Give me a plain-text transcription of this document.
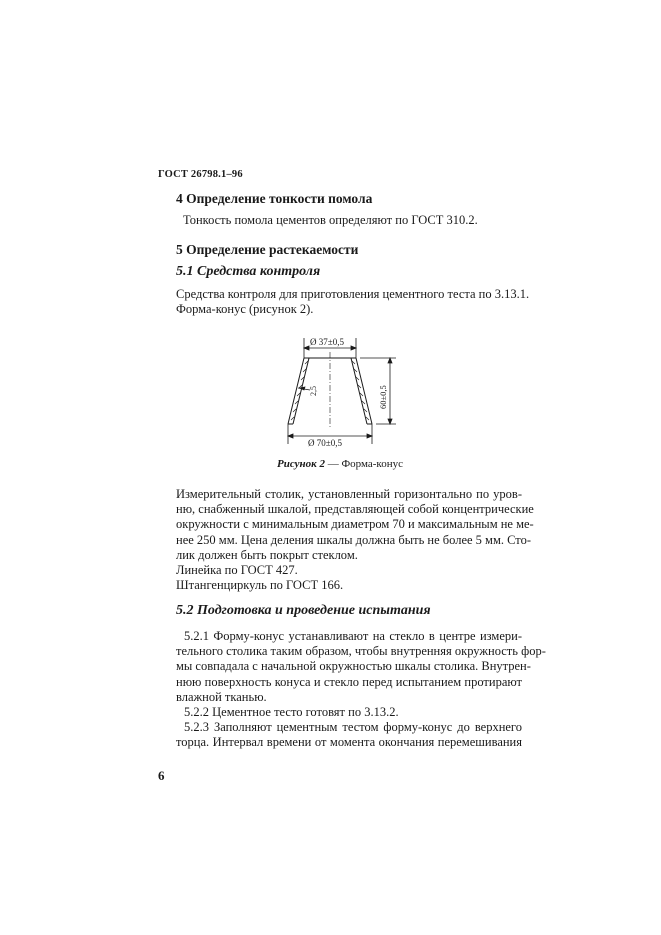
ГОСТ 26798.1–96

4 Определение тонкости помола

Тонкость помола цементов определяют по ГОСТ 310.2.

5 Определение растекаемости

5.1 Средства контроля

Средства контроля для приготовления цементного теста по 3.13.1.

Форма-конус (рисунок 2).

Ø 37±0,5
2,5	60±0,5
Ø 70±0,5

Рисунок 2 — Форма-конус

Измерительный столик, установленный горизонтально по уров-
ню, снабженный шкалой, представляющей собой концентрические
окружности с минимальным диаметром 70 и максимальным не ме-
нее 250 мм. Цена деления шкалы должна быть не более 5 мм. Сто-
лик должен быть покрыт стеклом.

Линейка по ГОСТ 427.

Штангенциркуль по ГОСТ 166.

5.2 Подготовка и проведение испытания

5.2.1 Форму-конус устанавливают на стекло в центре измери-
тельного столика таким образом, чтобы внутренняя окружность фор-
мы совпадала с начальной окружностью шкалы столика. Внутрен-
нюю поверхность конуса и стекло перед испытанием протирают
влажной тканью.

5.2.2 Цементное тесто готовят по 3.13.2.

5.2.3 Заполняют цементным тестом форму-конус до верхнего
торца. Интервал времени от момента окончания перемешивания

6
